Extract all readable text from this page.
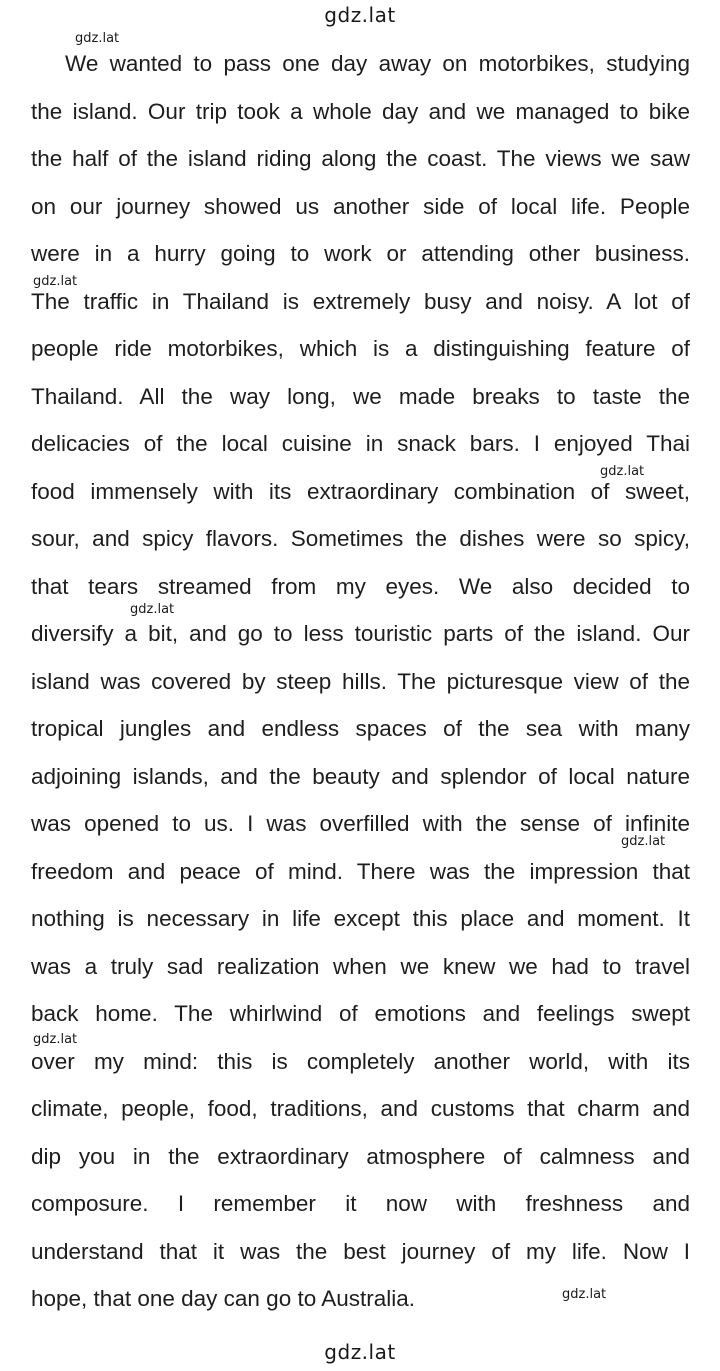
gdz.lat
gdz.lat
gdz.lat
gdz.lat
gdz.lat
gdz.lat
gdz.lat
gdz.lat
gdz.lat
We wanted to pass one day away on motorbikes, studying
the island. Our trip took a whole day and we managed to bike
the half of the island riding along the coast. The views we saw
on our journey showed us another side of local life. People
were in a hurry going to work or attending other business.
The traffic in Thailand is extremely busy and noisy. A lot of
people ride motorbikes, which is a distinguishing feature of
Thailand. All the way long, we made breaks to taste the
delicacies of the local cuisine in snack bars. I enjoyed Thai
food immensely with its extraordinary combination of sweet,
sour, and spicy flavors. Sometimes the dishes were so spicy,
that tears streamed from my eyes. We also decided to
diversify a bit, and go to less touristic parts of the island. Our
island was covered by steep hills. The picturesque view of the
tropical jungles and endless spaces of the sea with many
adjoining islands, and the beauty and splendor of local nature
was opened to us. I was overfilled with the sense of infinite
freedom and peace of mind. There was the impression that
nothing is necessary in life except this place and moment. It
was a truly sad realization when we knew we had to travel
back home. The whirlwind of emotions and feelings swept
over my mind: this is completely another world, with its
climate, people, food, traditions, and customs that charm and
dip you in the extraordinary atmosphere of calmness and
composure. I remember it now with freshness and
understand that it was the best journey of my life. Now I
hope, that one day can go to Australia.
